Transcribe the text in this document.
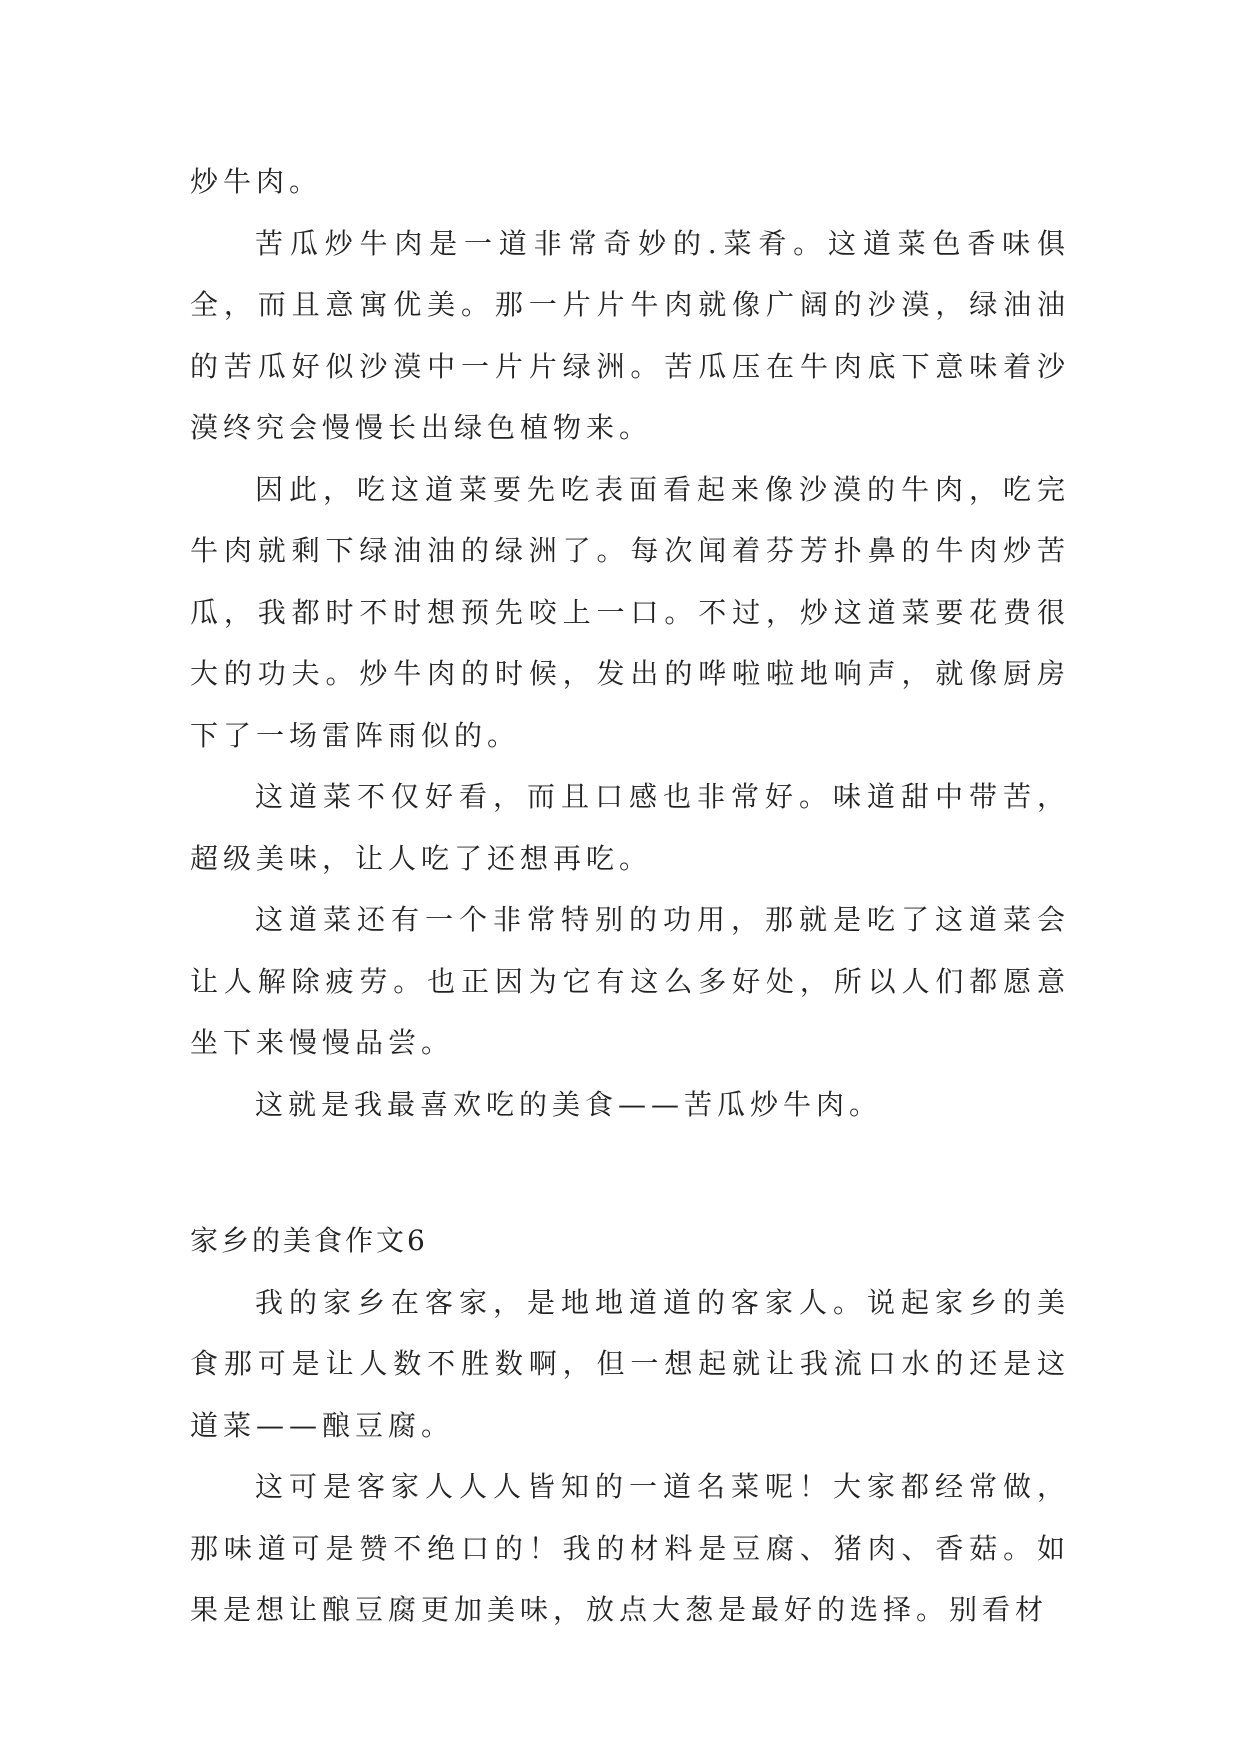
炒牛肉。

苦瓜炒牛肉是一道非常奇妙的.菜肴。这道菜色香味俱全，而且意寓优美。那一片片牛肉就像广阔的沙漠，绿油油的苦瓜好似沙漠中一片片绿洲。苦瓜压在牛肉底下意味着沙漠终究会慢慢长出绿色植物来。

因此，吃这道菜要先吃表面看起来像沙漠的牛肉，吃完牛肉就剩下绿油油的绿洲了。每次闻着芬芳扑鼻的牛肉炒苦瓜，我都时不时想预先咬上一口。不过，炒这道菜要花费很大的功夫。炒牛肉的时候，发出的哗啦啦地响声，就像厨房下了一场雷阵雨似的。

这道菜不仅好看，而且口感也非常好。味道甜中带苦，超级美味，让人吃了还想再吃。

这道菜还有一个非常特别的功用，那就是吃了这道菜会让人解除疲劳。也正因为它有这么多好处，所以人们都愿意坐下来慢慢品尝。

这就是我最喜欢吃的美食——苦瓜炒牛肉。

家乡的美食作文6

我的家乡在客家，是地地道道的客家人。说起家乡的美食那可是让人数不胜数啊，但一想起就让我流口水的还是这道菜——酿豆腐。

这可是客家人人人皆知的一道名菜呢！大家都经常做，那味道可是赞不绝口的！我的材料是豆腐、猪肉、香菇。如果是想让酿豆腐更加美味，放点大葱是最好的选择。别看材
